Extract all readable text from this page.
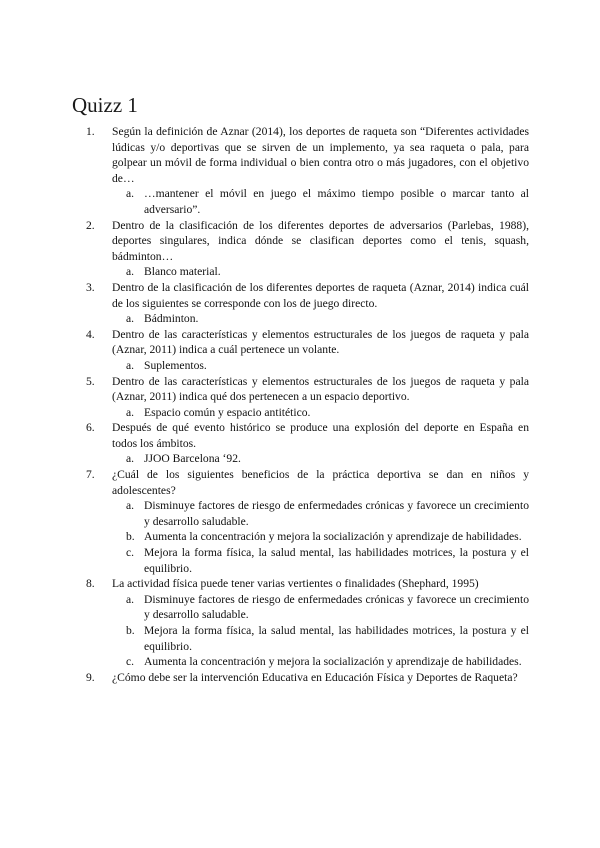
Quizz 1
1.	Según la definición de Aznar (2014), los deportes de raqueta son “Diferentes actividades lúdicas y/o deportivas que se sirven de un implemento, ya sea raqueta o pala, para golpear un móvil de forma individual o bien contra otro o más jugadores, con el objetivo de…
a. …mantener el móvil en juego el máximo tiempo posible o marcar tanto al adversario”.
2.	Dentro de la clasificación de los diferentes deportes de adversarios (Parlebas, 1988), deportes singulares, indica dónde se clasifican deportes como el tenis, squash, bádminton…
a. Blanco material.
3.	Dentro de la clasificación de los diferentes deportes de raqueta (Aznar, 2014) indica cuál de los siguientes se corresponde con los de juego directo.
a. Bádminton.
4.	Dentro de las características y elementos estructurales de los juegos de raqueta y pala (Aznar, 2011) indica a cuál pertenece un volante.
a. Suplementos.
5.	Dentro de las características y elementos estructurales de los juegos de raqueta y pala (Aznar, 2011) indica qué dos pertenecen a un espacio deportivo.
a. Espacio común y espacio antitético.
6.	Después de qué evento histórico se produce una explosión del deporte en España en todos los ámbitos.
a. JJOO Barcelona ‘92.
7.	¿Cuál de los siguientes beneficios de la práctica deportiva se dan en niños y adolescentes?
a. Disminuye factores de riesgo de enfermedades crónicas y favorece un crecimiento y desarrollo saludable.
b. Aumenta la concentración y mejora la socialización y aprendizaje de habilidades.
c. Mejora la forma física, la salud mental, las habilidades motrices, la postura y el equilibrio.
8.	La actividad física puede tener varias vertientes o finalidades (Shephard, 1995)
a. Disminuye factores de riesgo de enfermedades crónicas y favorece un crecimiento y desarrollo saludable.
b. Mejora la forma física, la salud mental, las habilidades motrices, la postura y el equilibrio.
c. Aumenta la concentración y mejora la socialización y aprendizaje de habilidades.
9.	¿Cómo debe ser la intervención Educativa en Educación Física y Deportes de Raqueta?
